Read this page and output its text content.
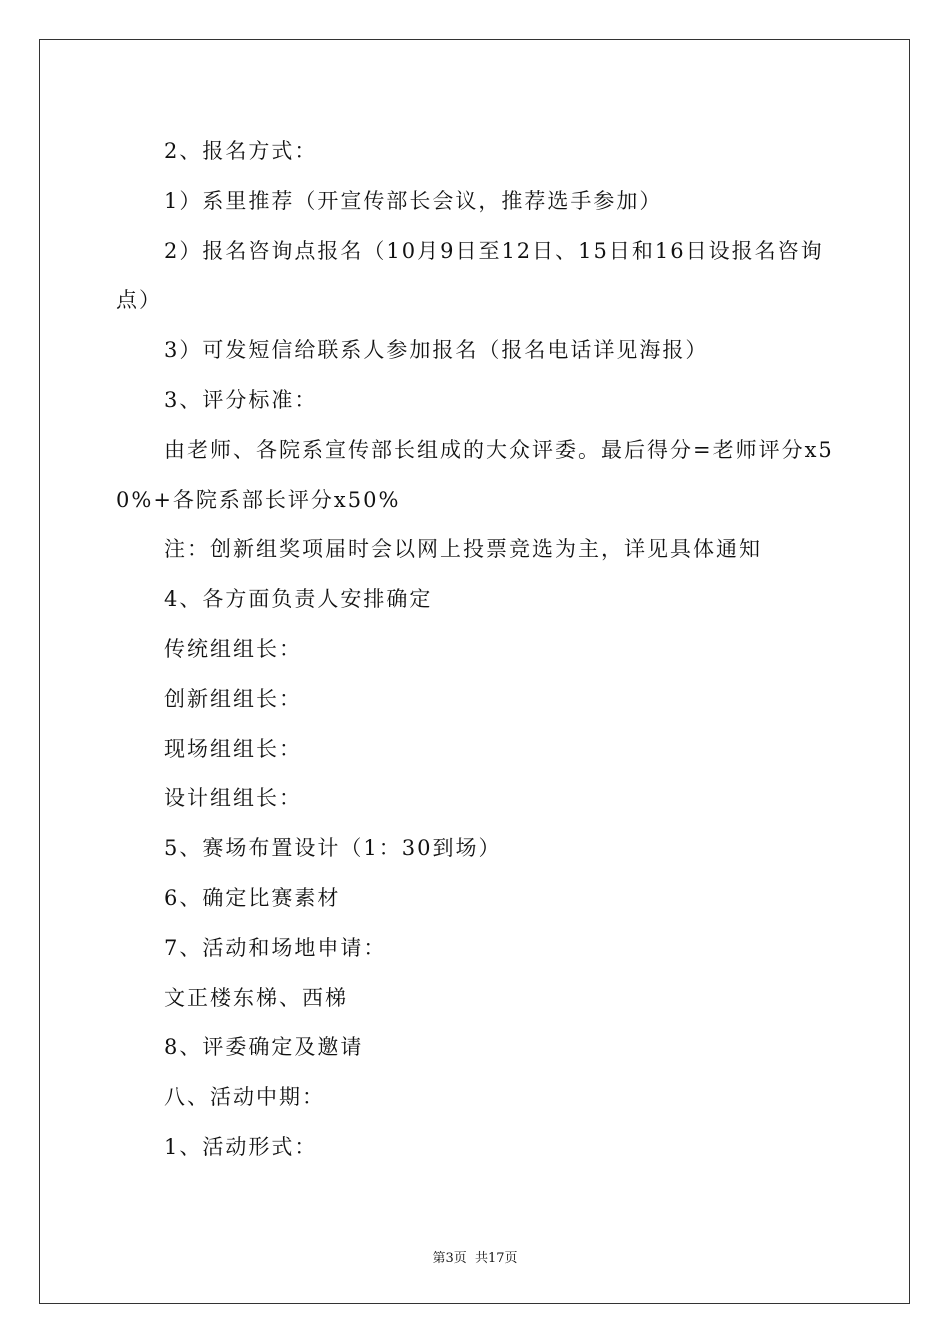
2、报名方式：

1）系里推荐（开宣传部长会议，推荐选手参加）

2）报名咨询点报名（10月9日至12日、15日和16日设报名咨询点）

3）可发短信给联系人参加报名（报名电话详见海报）

3、评分标准：

由老师、各院系宣传部长组成的大众评委。最后得分=老师评分x50%+各院系部长评分x50%

注：创新组奖项届时会以网上投票竞选为主，详见具体通知

4、各方面负责人安排确定

传统组组长：

创新组组长：

现场组组长：

设计组组长：

5、赛场布置设计（1：30到场）

6、确定比赛素材

7、活动和场地申请：

文正楼东梯、西梯

8、评委确定及邀请

八、活动中期：

1、活动形式：

第3页 共17页
